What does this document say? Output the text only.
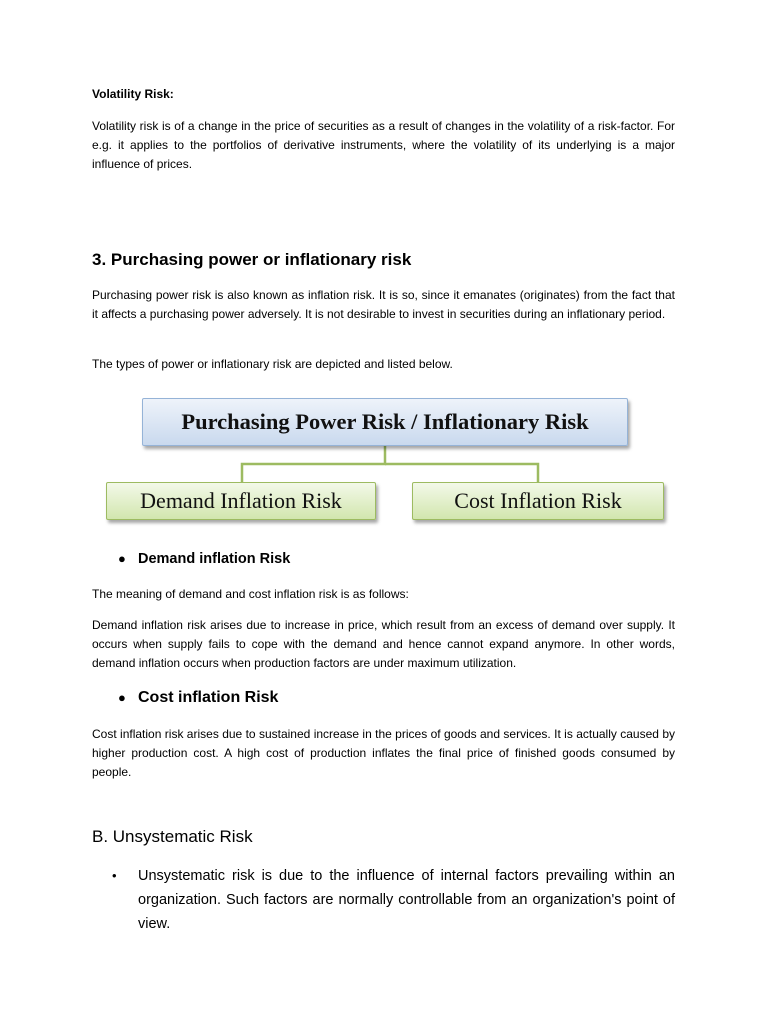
Volatility Risk:

Volatility risk is of a change in the price of securities as a result of changes in the volatility of a risk-factor. For e.g. it applies to the portfolios of derivative instruments, where the volatility of its underlying is a major influence of prices.

3. Purchasing power or inflationary risk

Purchasing power risk is also known as inflation risk. It is so, since it emanates (originates) from the fact that it affects a purchasing power adversely. It is not desirable to invest in securities during an inflationary period.

The types of power or inflationary risk are depicted and listed below.

Purchasing Power Risk / Inflationary Risk
Demand Inflation Risk	Cost Inflation Risk

● Demand inflation Risk

The meaning of demand and cost inflation risk is as follows:

Demand inflation risk arises due to increase in price, which result from an excess of demand over supply. It occurs when supply fails to cope with the demand and hence cannot expand anymore. In other words, demand inflation occurs when production factors are under maximum utilization.

● Cost inflation Risk

Cost inflation risk arises due to sustained increase in the prices of goods and services. It is actually caused by higher production cost. A high cost of production inflates the final price of finished goods consumed by people.

B. Unsystematic Risk

•	Unsystematic risk is due to the influence of internal factors prevailing within an organization. Such factors are normally controllable from an organization's point of view.
